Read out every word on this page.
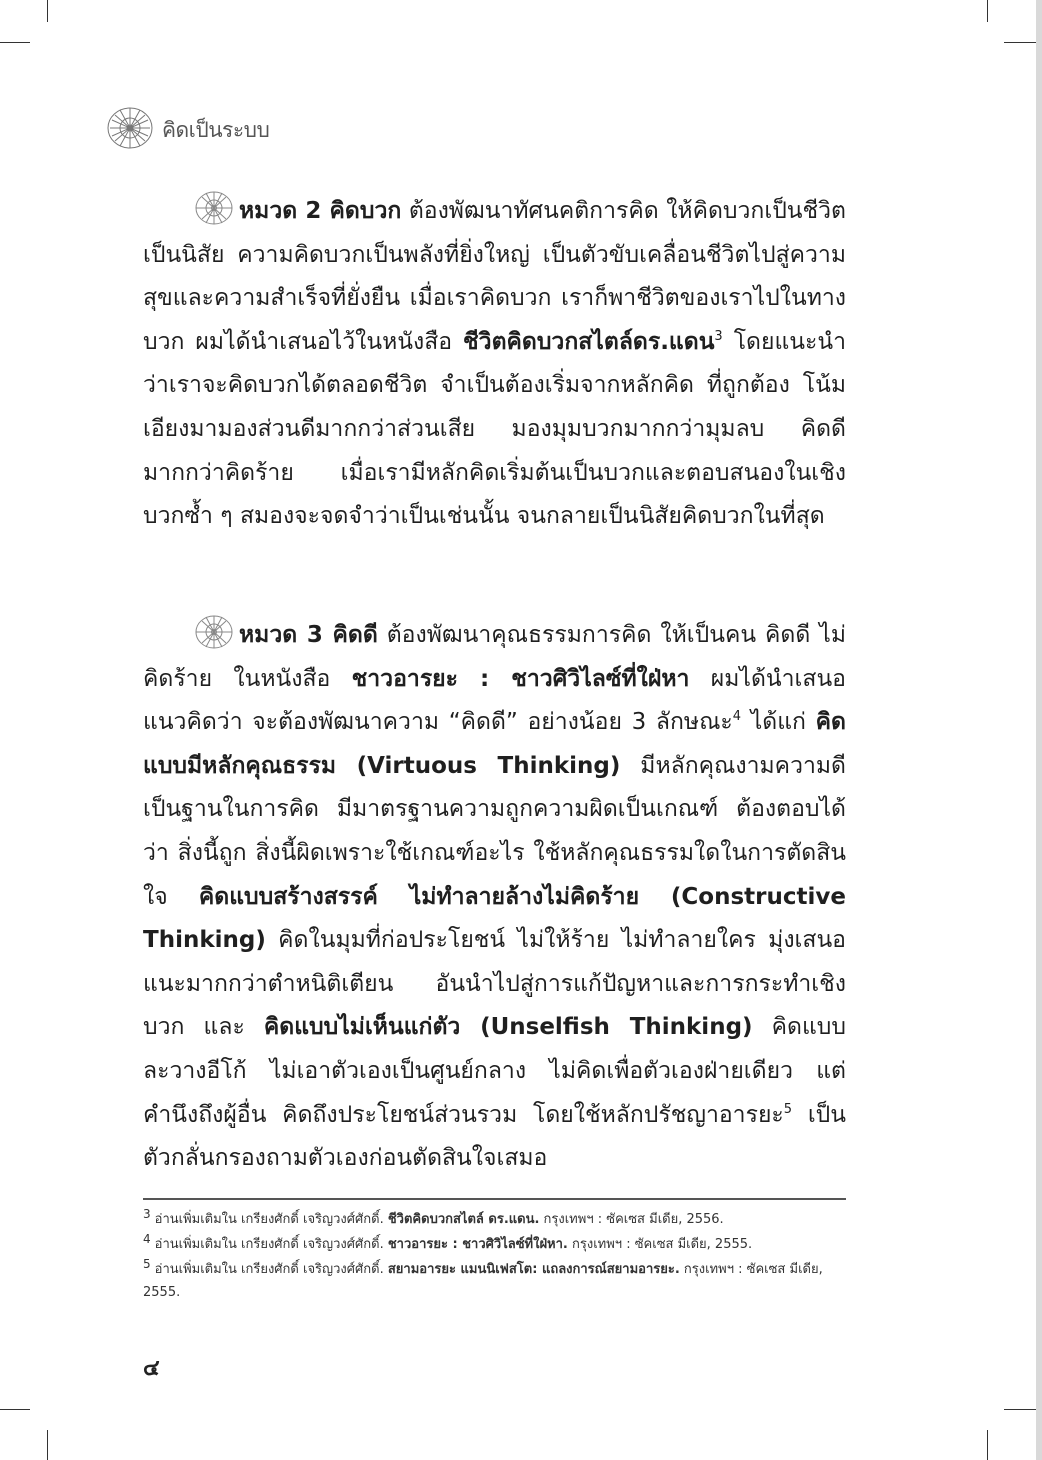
คิดเป็นระบบ
หมวด 2 คิดบวก ต้องพัฒนาทัศนคติการคิด ให้คิดบวกเป็นชีวิต เป็นนิสัย ความคิดบวกเป็นพลังที่ยิ่งใหญ่ เป็นตัวขับเคลื่อนชีวิตไปสู่ความสุขและความสำเร็จที่ยั่งยืน เมื่อเราคิดบวก เราก็พาชีวิตของเราไปในทางบวก ผมได้นำเสนอไว้ในหนังสือ ชีวิตคิดบวกสไตล์ดร.แดน$^3$ โดยแนะนำว่าเราจะคิดบวกได้ตลอดชีวิต จำเป็นต้องเริ่มจากหลักคิด ที่ถูกต้อง โน้มเอียงมามองส่วนดีมากกว่าส่วนเสีย มองมุมบวกมากกว่ามุมลบ คิดดีมากกว่าคิดร้าย เมื่อเรามีหลักคิดเริ่มต้นเป็นบวกและตอบสนองในเชิงบวกซ้ำ ๆ สมองจะจดจำว่าเป็นเช่นนั้น จนกลายเป็นนิสัยคิดบวกในที่สุด
หมวด 3 คิดดี ต้องพัฒนาคุณธรรมการคิด ให้เป็นคน คิดดี ไม่คิดร้าย ในหนังสือ ชาวอารยะ : ชาวศิวิไลซ์ที่ใฝ่หา ผมได้นำเสนอแนวคิดว่า จะต้องพัฒนาความ “คิดดี” อย่างน้อย 3 ลักษณะ$^4$ ได้แก่ คิดแบบมีหลักคุณธรรม (Virtuous Thinking) มีหลักคุณงามความดีเป็นฐานในการคิด มีมาตรฐานความถูกความผิดเป็นเกณฑ์ ต้องตอบได้ว่า สิ่งนี้ถูก สิ่งนี้ผิดเพราะใช้เกณฑ์อะไร ใช้หลักคุณธรรมใดในการตัดสินใจ คิดแบบสร้างสรรค์ ไม่ทำลายล้างไม่คิดร้าย (Constructive Thinking) คิดในมุมที่ก่อประโยชน์ ไม่ให้ร้าย ไม่ทำลายใคร มุ่งเสนอแนะมากกว่าตำหนิติเตียน อันนำไปสู่การแก้ปัญหาและการกระทำเชิงบวก และ คิดแบบไม่เห็นแก่ตัว (Unselfish Thinking) คิดแบบละวางอีโก้ ไม่เอาตัวเองเป็นศูนย์กลาง ไม่คิดเพื่อตัวเองฝ่ายเดียว แต่คำนึงถึงผู้อื่น คิดถึงประโยชน์ส่วนรวม โดยใช้หลักปรัชญาอารยะ$^5$ เป็นตัวกลั่นกรองถามตัวเองก่อนตัดสินใจเสมอ
$^3$ อ่านเพิ่มเติมใน เกรียงศักดิ์ เจริญวงศ์ศักดิ์. ชีวิตคิดบวกสไตล์ ดร.แดน. กรุงเทพฯ : ซัคเซส มีเดีย, 2556.
$^4$ อ่านเพิ่มเติมใน เกรียงศักดิ์ เจริญวงศ์ศักดิ์. ชาวอารยะ : ชาวศิวิไลซ์ที่ใฝ่หา. กรุงเทพฯ : ซัคเซส มีเดีย, 2555.
$^5$ อ่านเพิ่มเติมใน เกรียงศักดิ์ เจริญวงศ์ศักดิ์. สยามอารยะ แมนนิเฟสโต: แถลงการณ์สยามอารยะ. กรุงเทพฯ : ซัคเซส มีเดีย, 2555.
๔
